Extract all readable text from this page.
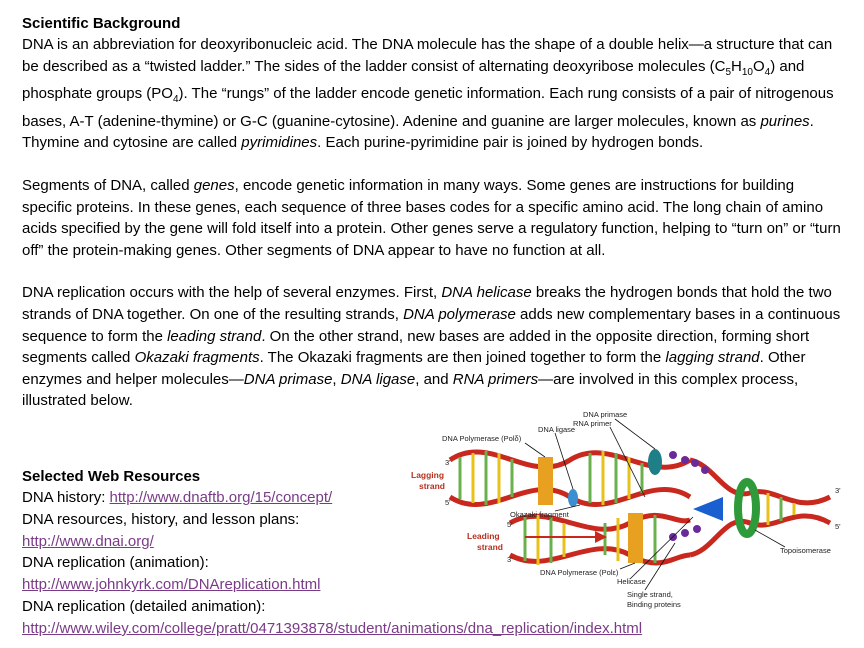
Scientific Background

DNA is an abbreviation for deoxyribonucleic acid. The DNA molecule has the shape of a double helix—a structure that can be described as a “twisted ladder.” The sides of the ladder consist of alternating deoxyribose molecules $(C_5H_{10}O_4)$ and phosphate groups $(PO_4)$. The “rungs” of the ladder encode genetic information. Each rung consists of a pair of nitrogenous bases, A-T (adenine-thymine) or G-C (guanine-cytosine). Adenine and guanine are larger molecules, known as purines. Thymine and cytosine are called pyrimidines. Each purine-pyrimidine pair is joined by hydrogen bonds.

Segments of DNA, called genes, encode genetic information in many ways. Some genes are instructions for building specific proteins. In these genes, each sequence of three bases codes for a specific amino acid. The long chain of amino acids specified by the gene will fold itself into a protein. Other genes serve a regulatory function, helping to “turn on” or “turn off” the protein-making genes. Other segments of DNA appear to have no function at all.

DNA replication occurs with the help of several enzymes. First, DNA helicase breaks the hydrogen bonds that hold the two strands of DNA together. On one of the resulting strands, DNA polymerase adds new complementary bases in a continuous sequence to form the leading strand. On the other strand, new bases are added in the opposite direction, forming short segments called Okazaki fragments. The Okazaki fragments are then joined together to form the lagging strand. Other enzymes and helper molecules—DNA primase, DNA ligase, and RNA primers—are involved in this complex process, illustrated below.

Selected Web Resources
DNA history: http://www.dnaftb.org/15/concept/
DNA resources, history, and lesson plans:
http://www.dnai.org/
DNA replication (animation):
http://www.johnkyrk.com/DNAreplication.html
DNA replication (detailed animation):
http://www.wiley.com/college/pratt/0471393878/student/animations/dna_replication/index.html
DNA primase
RNA primer
DNA ligase
DNA Polymerase (Polδ)
Okazaki fragment
DNA Polymerase (Polε)
Helicase
Single strand,
Binding proteins
Topoisomerase
3'
5'
5'
3'
3'
5'
Lagging
strand
Leading
strand
